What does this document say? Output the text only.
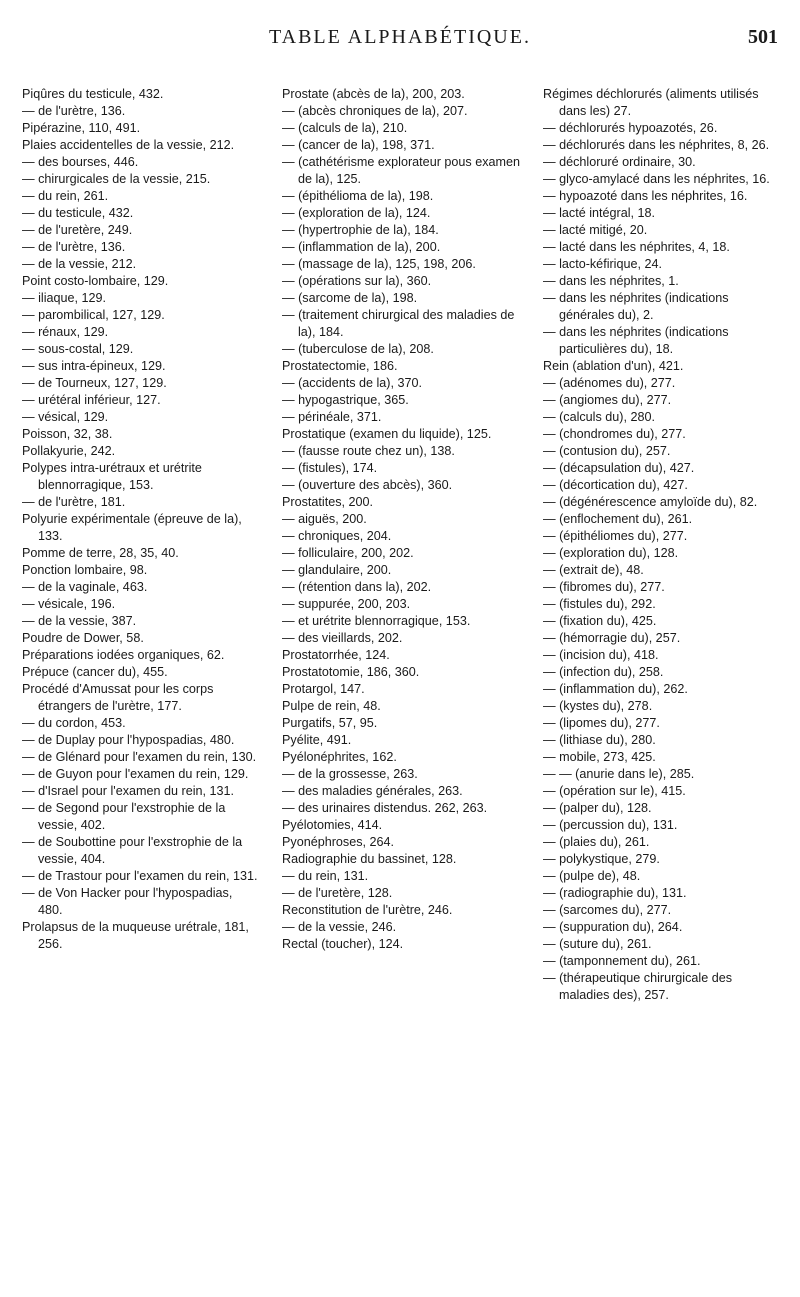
TABLE ALPHABÉTIQUE.	501

Piqûres du testicule, 432.

— de l'urètre, 136.

Pipérazine, 110, 491.

Plaies accidentelles de la vessie, 212.

— des bourses, 446.

— chirurgicales de la vessie, 215.

— du rein, 261.

— du testicule, 432.

— de l'uretère, 249.

— de l'urètre, 136.

— de la vessie, 212.

Point costo-lombaire, 129.

— iliaque, 129.

— parombilical, 127, 129.

— rénaux, 129.

— sous-costal, 129.

— sus intra-épineux, 129.

— de Tourneux, 127, 129.

— urétéral inférieur, 127.

— vésical, 129.

Poisson, 32, 38.

Pollakyurie, 242.

Polypes intra-urétraux et urétrite blennorragique, 153.

— de l'urètre, 181.

Polyurie expérimentale (épreuve de la), 133.

Pomme de terre, 28, 35, 40.

Ponction lombaire, 98.

— de la vaginale, 463.

— vésicale, 196.

— de la vessie, 387.

Poudre de Dower, 58.

Préparations iodées organiques, 62.

Prépuce (cancer du), 455.

Procédé d'Amussat pour les corps étrangers de l'urètre, 177.

— du cordon, 453.

— de Duplay pour l'hypospadias, 480.

— de Glénard pour l'examen du rein, 130.

— de Guyon pour l'examen du rein, 129.

— d'Israel pour l'examen du rein, 131.

— de Segond pour l'exstrophie de la vessie, 402.

— de Soubottine pour l'exstrophie de la vessie, 404.

— de Trastour pour l'examen du rein, 131.

— de Von Hacker pour l'hypospadias, 480.

Prolapsus de la muqueuse urétrale, 181, 256.

Prostate (abcès de la), 200, 203.

— (abcès chroniques de la), 207.

— (calculs de la), 210.

— (cancer de la), 198, 371.

— (cathétérisme explorateur pous examen de la), 125.

— (épithélioma de la), 198.

— (exploration de la), 124.

— (hypertrophie de la), 184.

— (inflammation de la), 200.

— (massage de la), 125, 198, 206.

— (opérations sur la), 360.

— (sarcome de la), 198.

— (traitement chirurgical des maladies de la), 184.

— (tuberculose de la), 208.

Prostatectomie, 186.

— (accidents de la), 370.

— hypogastrique, 365.

— périnéale, 371.

Prostatique (examen du liquide), 125.

— (fausse route chez un), 138.

— (fistules), 174.

— (ouverture des abcès), 360.

Prostatites, 200.

— aiguës, 200.

— chroniques, 204.

— folliculaire, 200, 202.

— glandulaire, 200.

— (rétention dans la), 202.

— suppurée, 200, 203.

— et urétrite blennorragique, 153.

— des vieillards, 202.

Prostatorrhée, 124.

Prostatotomie, 186, 360.

Protargol, 147.

Pulpe de rein, 48.

Purgatifs, 57, 95.

Pyélite, 491.

Pyélonéphrites, 162.

— de la grossesse, 263.

— des maladies générales, 263.

— des urinaires distendus. 262, 263.

Pyélotomies, 414.

Pyonéphroses, 264.

Radiographie du bassinet, 128.

— du rein, 131.

— de l'uretère, 128.

Reconstitution de l'urètre, 246.

— de la vessie, 246.

Rectal (toucher), 124.

Régimes déchlorurés (aliments utilisés dans les) 27.

— déchlorurés hypoazotés, 26.

— déchlorurés dans les néphrites, 8, 26.

— déchloruré ordinaire, 30.

— glyco-amylacé dans les néphrites, 16.

— hypoazoté dans les néphrites, 16.

— lacté intégral, 18.

— lacté mitigé, 20.

— lacté dans les néphrites, 4, 18.

— lacto-kéfirique, 24.

— dans les néphrites, 1.

— dans les néphrites (indications générales du), 2.

— dans les néphrites (indications particulières du), 18.

Rein (ablation d'un), 421.

— (adénomes du), 277.

— (angiomes du), 277.

— (calculs du), 280.

— (chondromes du), 277.

— (contusion du), 257.

— (décapsulation du), 427.

— (décortication du), 427.

— (dégénérescence amyloïde du), 82.

— (enflochement du), 261.

— (épithéliomes du), 277.

— (exploration du), 128.

— (extrait de), 48.

— (fibromes du), 277.

— (fistules du), 292.

— (fixation du), 425.

— (hémorragie du), 257.

— (incision du), 418.

— (infection du), 258.

— (inflammation du), 262.

— (kystes du), 278.

— (lipomes du), 277.

— (lithiase du), 280.

— mobile, 273, 425.

— — (anurie dans le), 285.

— (opération sur le), 415.

— (palper du), 128.

— (percussion du), 131.

— (plaies du), 261.

— polykystique, 279.

— (pulpe de), 48.

— (radiographie du), 131.

— (sarcomes du), 277.

— (suppuration du), 264.

— (suture du), 261.

— (tamponnement du), 261.

— (thérapeutique chirurgicale des maladies des), 257.
